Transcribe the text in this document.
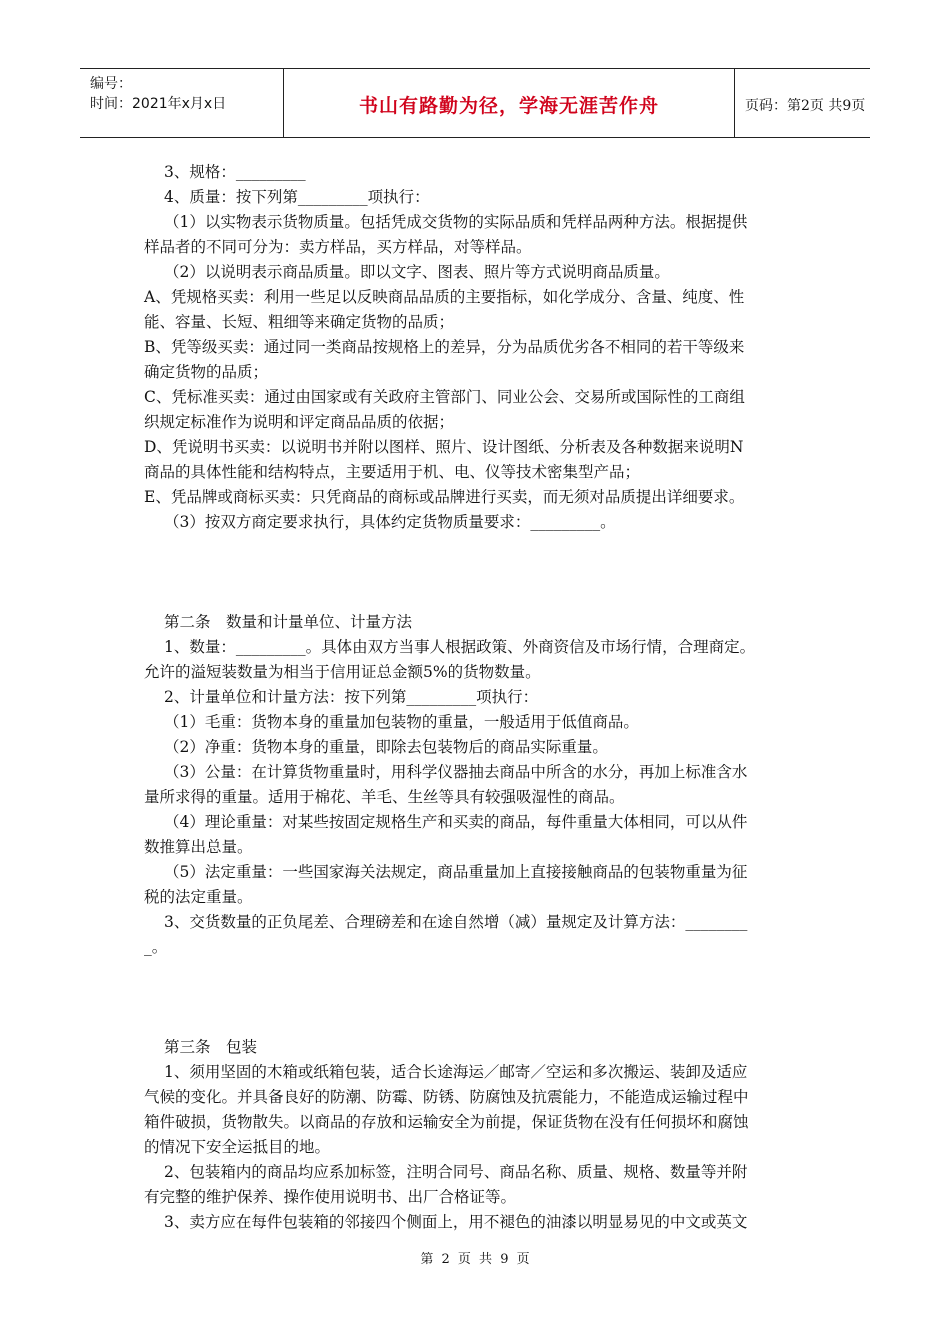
编号：
时间：2021年x月x日	书山有路勤为径，学海无涯苦作舟	页码：第2页 共9页
3、规格：_________
4、质量：按下列第_________项执行：
（1）以实物表示货物质量。包括凭成交货物的实际品质和凭样品两种方法。根据提供
样品者的不同可分为：卖方样品，买方样品，对等样品。
（2）以说明表示商品质量。即以文字、图表、照片等方式说明商品质量。
A、凭规格买卖：利用一些足以反映商品品质的主要指标，如化学成分、含量、纯度、性
能、容量、长短、粗细等来确定货物的品质；
B、凭等级买卖：通过同一类商品按规格上的差异，分为品质优劣各不相同的若干等级来
确定货物的品质；
C、凭标准买卖：通过由国家或有关政府主管部门、同业公会、交易所或国际性的工商组
织规定标准作为说明和评定商品品质的依据；
D、凭说明书买卖：以说明书并附以图样、照片、设计图纸、分析表及各种数据来说明N
商品的具体性能和结构特点，主要适用于机、电、仪等技术密集型产品；
E、凭品牌或商标买卖：只凭商品的商标或品牌进行买卖，而无须对品质提出详细要求。
（3）按双方商定要求执行，具体约定货物质量要求：_________。
第二条　数量和计量单位、计量方法
1、数量：_________。具体由双方当事人根据政策、外商资信及市场行情，合理商定。
允许的溢短装数量为相当于信用证总金额5%的货物数量。
2、计量单位和计量方法：按下列第_________项执行：
（1）毛重：货物本身的重量加包装物的重量，一般适用于低值商品。
（2）净重：货物本身的重量，即除去包装物后的商品实际重量。
（3）公量：在计算货物重量时，用科学仪器抽去商品中所含的水分，再加上标准含水
量所求得的重量。适用于棉花、羊毛、生丝等具有较强吸湿性的商品。
（4）理论重量：对某些按固定规格生产和买卖的商品，每件重量大体相同，可以从件
数推算出总量。
（5）法定重量：一些国家海关法规定，商品重量加上直接接触商品的包装物重量为征
税的法定重量。
3、交货数量的正负尾差、合理磅差和在途自然增（减）量规定及计算方法：________
_。
第三条　包装
1、须用坚固的木箱或纸箱包装，适合长途海运／邮寄／空运和多次搬运、装卸及适应
气候的变化。并具备良好的防潮、防霉、防锈、防腐蚀及抗震能力，不能造成运输过程中
箱件破损，货物散失。以商品的存放和运输安全为前提，保证货物在没有任何损坏和腐蚀
的情况下安全运抵目的地。
2、包装箱内的商品均应系加标签，注明合同号、商品名称、质量、规格、数量等并附
有完整的维护保养、操作使用说明书、出厂合格证等。
3、卖方应在每件包装箱的邻接四个侧面上，用不褪色的油漆以明显易见的中文或英文
第 2 页 共 9 页
